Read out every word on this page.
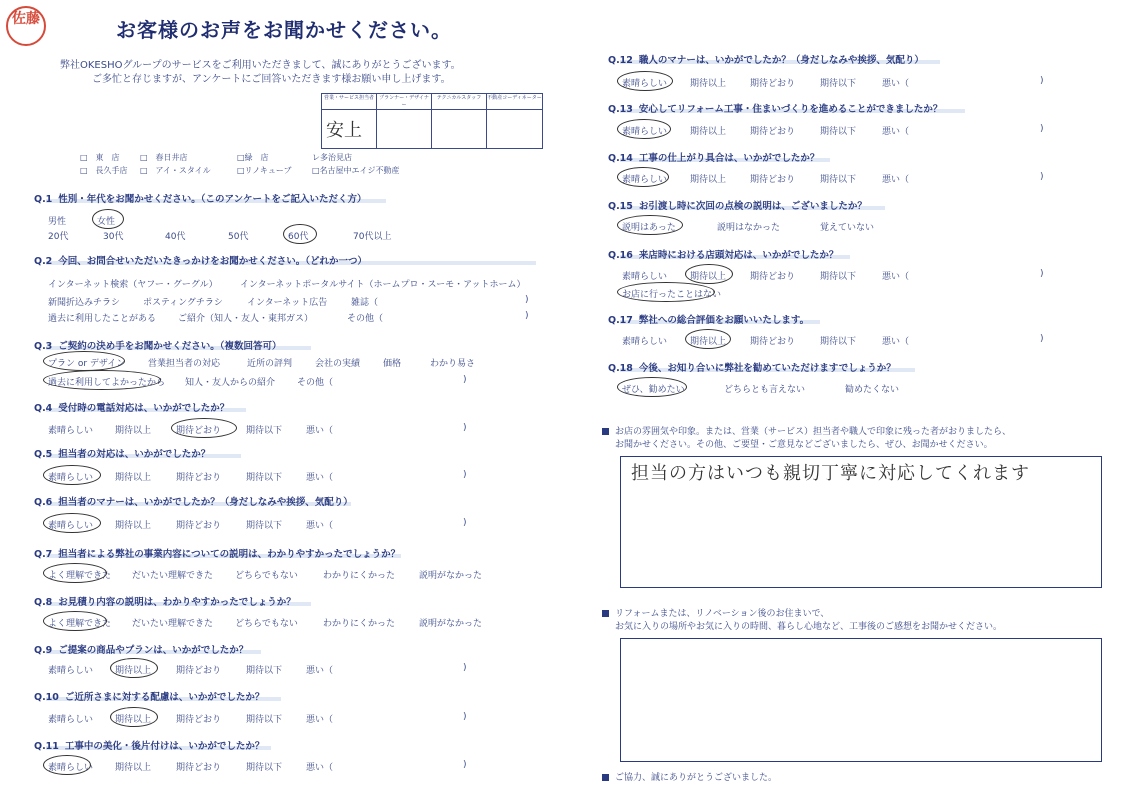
佐藤	お客様のお声をお聞かせください。
弊社OKESHOグループのサービスをご利用いただきまして、誠にありがとうございます。
ご多忙と存じますが、アンケートにご回答いただきます様お願い申し上げます。
営業・サービス担当者	プランナー・デザイナー
テクニカルスタッフ	不動産コーディネーター
安上
□　東　店	□　春日井店	□緑　店	レ多治見店
□　長久手店 □　アイ・スタイル	□リノキューブ	□名古屋中エイジ不動産
Q.1 性別・年代をお聞かせください。（このアンケートをご記入いただく方）
男性	女性
20代	30代	40代	50代	60代	70代以上
Q.2 今回、お問合せいただいたきっかけをお聞かせください。（どれか一つ）
インターネット検索（ヤフー・グーグル） インターネットポータルサイト（ホームプロ・スーモ・アットホーム）
新聞折込みチラシ	ポスティングチラシ	インターネット広告	雑誌（	)
過去に利用したことがある ご紹介（知人・友人・東邦ガス）	その他（	)
Q.3 ご契約の決め手をお聞かせください。（複数回答可）
プラン or デザイン	営業担当者の対応	近所の評判	会社の実績	価格	わかり易さ
過去に利用してよかったから 知人・友人からの紹介 その他（	)
Q.4 受付時の電話対応は、いかがでしたか？
素晴らしい 期待以上	期待どおり	期待以下	悪い（	)
Q.5 担当者の対応は、いかがでしたか？
素晴らしい 期待以上	期待どおり	期待以下	悪い（	)
Q.6 担当者のマナーは、いかがでしたか？（身だしなみや挨拶、気配り）
素晴らしい 期待以上	期待どおり	期待以下	悪い（	)
Q.7 担当者による弊社の事業内容についての説明は、わかりやすかったでしょうか？
よく理解できた だいたい理解できた どちらでもない	わかりにくかった	説明がなかった
Q.8 お見積り内容の説明は、わかりやすかったでしょうか？
よく理解できた だいたい理解できた どちらでもない	わかりにくかった	説明がなかった
Q.9 ご提案の商品やプランは、いかがでしたか？
素晴らしい 期待以上	期待どおり	期待以下	悪い（	)
Q.10 ご近所さまに対する配慮は、いかがでしたか？
素晴らしい 期待以上	期待どおり	期待以下	悪い（	)
Q.11 工事中の美化・後片付けは、いかがでしたか？
素晴らしい 期待以上	期待どおり	期待以下	悪い（	)
Q.12 職人のマナーは、いかがでしたか？（身だしなみや挨拶、気配り）
素晴らしい	期待以上	期待どおり	期待以下	悪い（	)
Q.13 安心してリフォーム工事・住まいづくりを進めることができましたか？
素晴らしい	期待以上	期待どおり	期待以下	悪い（	)
Q.14 工事の仕上がり具合は、いかがでしたか？
素晴らしい	期待以上	期待どおり	期待以下	悪い（	)
Q.15 お引渡し時に次回の点検の説明は、ございましたか？
説明はあった	説明はなかった	覚えていない
Q.16 来店時における店頭対応は、いかがでしたか？
素晴らしい	期待以上	期待どおり	期待以下	悪い（	)
お店に行ったことはない
Q.17 弊社への総合評価をお願いいたします。
素晴らしい	期待以上	期待どおり	期待以下	悪い（	)
Q.18 今後、お知り合いに弊社を勧めていただけますでしょうか？
ぜひ、勧めたい	どちらとも言えない	勧めたくない
お店の雰囲気や印象。または、営業（サービス）担当者や職人で印象に残った者がおりましたら、
お聞かせください。その他、ご要望・ご意見などございましたら、ぜひ、お聞かせください。
担当の方はいつも親切丁寧に対応してくれます
リフォームまたは、リノベーション後のお住まいで、
お気に入りの場所やお気に入りの時間、暮らし心地など、工事後のご感想をお聞かせください。
ご協力、誠にありがとうございました。
